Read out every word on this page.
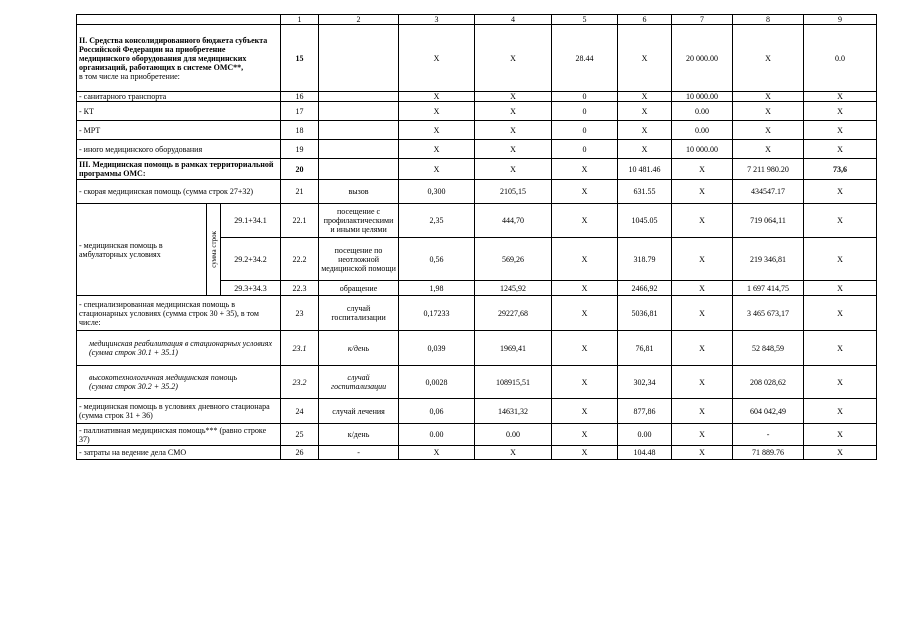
			1	2	3	4	5	6	7	8	9
II. Средства консолидированного бюджета субъекта Российской Федерации на приобретение медицинского оборудования для медицинских организаций, работающих в системе ОМС**,
в том числе на приобретение:			15		X	X	28.44	X	20 000.00	X	0.0
- санитарного транспорта			16		X	X	0	X	10 000.00	X	X
- КТ			17		X	X	0	X	0.00	X	X
- МРТ			18		X	X	0	X	0.00	X	X
- иного медицинского оборудования			19		X	X	0	X	10 000.00	X	X
III. Медицинская помощь в рамках территориальной программы ОМС:			20		X	X	X	10 481.46	X	7 211 980.20	73,6
- скорая медицинская помощь (сумма строк 27+32)			21	вызов	0,300	2105,15	X	631.55	X	434547.17	X
- медицинская помощь в амбулаторных условиях	сумма строк	29.1+34.1	22.1	посещение с профилактическими и иными целями	2,35	444,70	X	1045.05	X	719 064,11	X
		29.2+34.2	22.2	посещение по неотложной медицинской помощи	0,56	569,26	X	318.79	X	219 346,81	X
		29.3+34.3	22.3	обращение	1,98	1245,92	X	2466,92	X	1 697 414,75	X
- специализированная медицинская помощь в стационарных условиях (сумма строк 30 + 35), в том числе:			23	случай госпитализации	0,17233	29227,68	X	5036,81	X	3 465 673,17	X
медицинская реабилитация в стационарных условиях
(сумма строк 30.1 + 35.1)			23.1	к/день	0,039	1969,41	X	76,81	X	52 848,59	X
высокотехнологичная медицинская помощь
(сумма строк 30.2 + 35.2)			23.2	случай госпитализации	0,0028	108915,51	X	302,34	X	208 028,62	X
- медицинская помощь в условиях дневного стационара (сумма строк 31 + 36)			24	случай лечения	0,06	14631,32	X	877,86	X	604 042,49	X
- паллиативная медицинская помощь*** (равно строке 37)			25	к/день	0.00	0.00	X	0.00	X	-	X
- затраты на ведение дела СМО			26	-	X	X	X	104.48	X	71 889.76	X
